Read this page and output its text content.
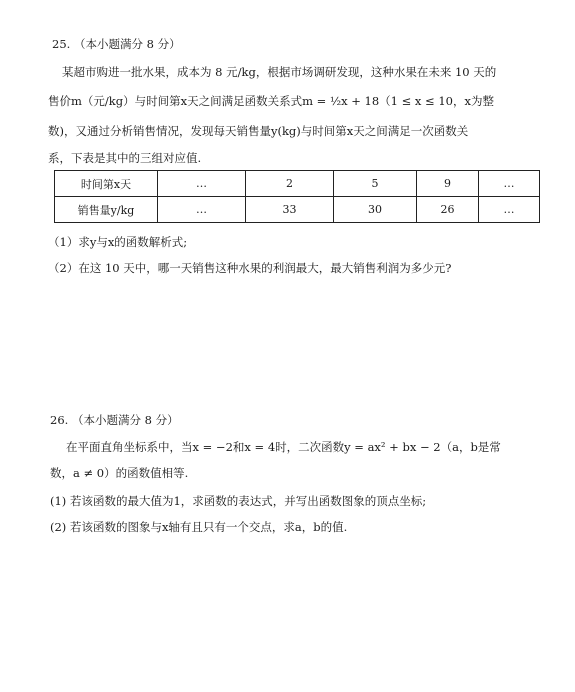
25. （本小题满分 8 分）
某超市购进一批水果，成本为 8 元/kg，根据市场调研发现，这种水果在未来 10 天的
售价m（元/kg）与时间第x天之间满足函数关系式m = ½x + 18（1 ≤ x ≤ 10，x为整
数)，又通过分析销售情况，发现每天销售量y(kg)与时间第x天之间满足一次函数关
系，下表是其中的三组对应值.
时间第x天	…	2	5	9	…
销售量y/kg	…	33	30	26	…
（1）求y与x的函数解析式;
（2）在这 10 天中，哪一天销售这种水果的利润最大，最大销售利润为多少元?
26. （本小题满分 8 分）
在平面直角坐标系中，当x = −2和x = 4时，二次函数y = ax² + bx − 2（a，b是常
数，a ≠ 0）的函数值相等.
(1) 若该函数的最大值为1，求函数的表达式，并写出函数图象的顶点坐标;
(2) 若该函数的图象与x轴有且只有一个交点，求a，b的值.
